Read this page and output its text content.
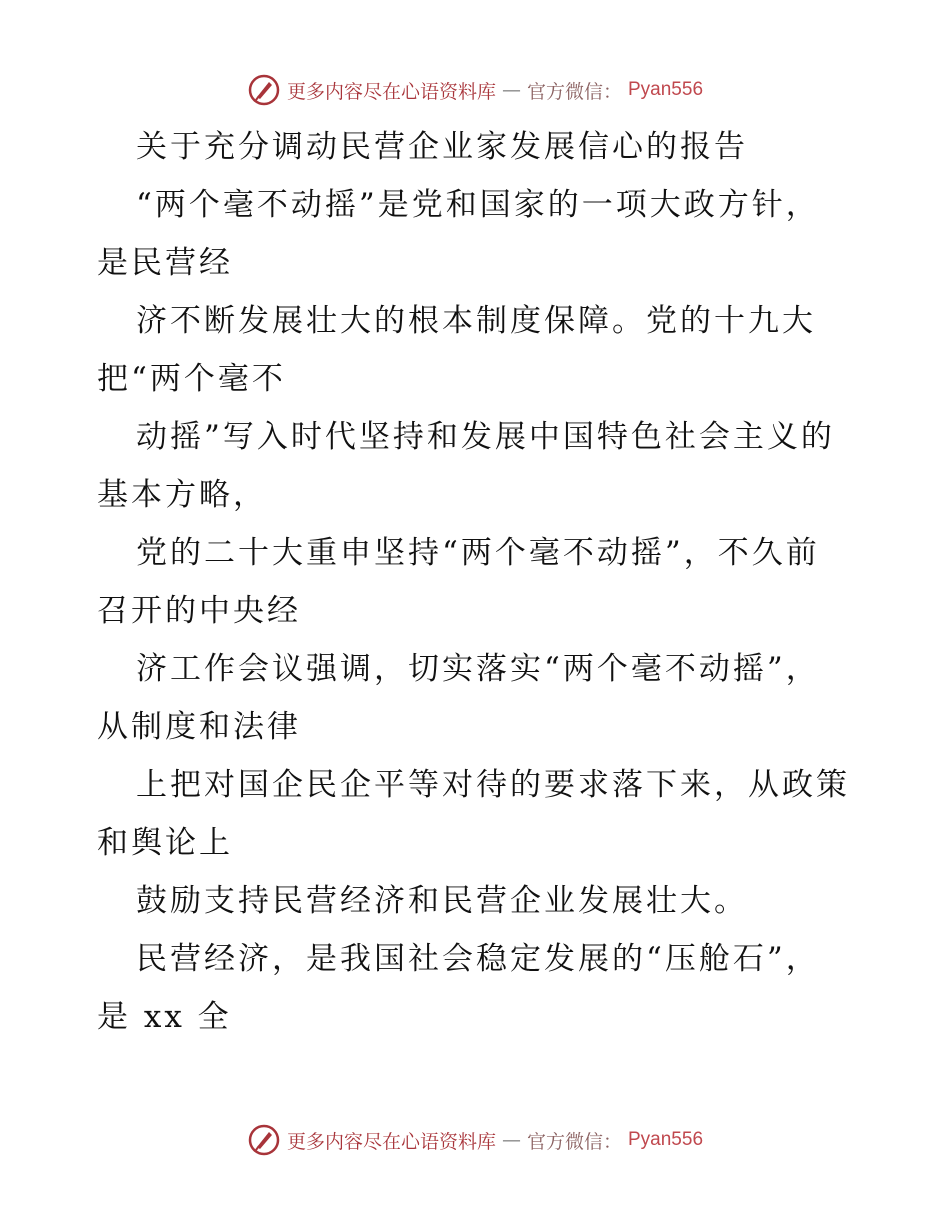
更多内容尽在心语资料库 — 官方微信： Pyan556
关于充分调动民营企业家发展信心的报告
“两个毫不动摇”是党和国家的一项大政方针，
是民营经
济不断发展壮大的根本制度保障。党的十九大
把“两个毫不
动摇”写入时代坚持和发展中国特色社会主义的
基本方略，
党的二十大重申坚持“两个毫不动摇”，不久前
召开的中央经
济工作会议强调，切实落实“两个毫不动摇”，
从制度和法律
上把对国企民企平等对待的要求落下来，从政策
和舆论上
鼓励支持民营经济和民营企业发展壮大。
民营经济，是我国社会稳定发展的“压舱石”，
是 xx 全
更多内容尽在心语资料库 — 官方微信： Pyan556
